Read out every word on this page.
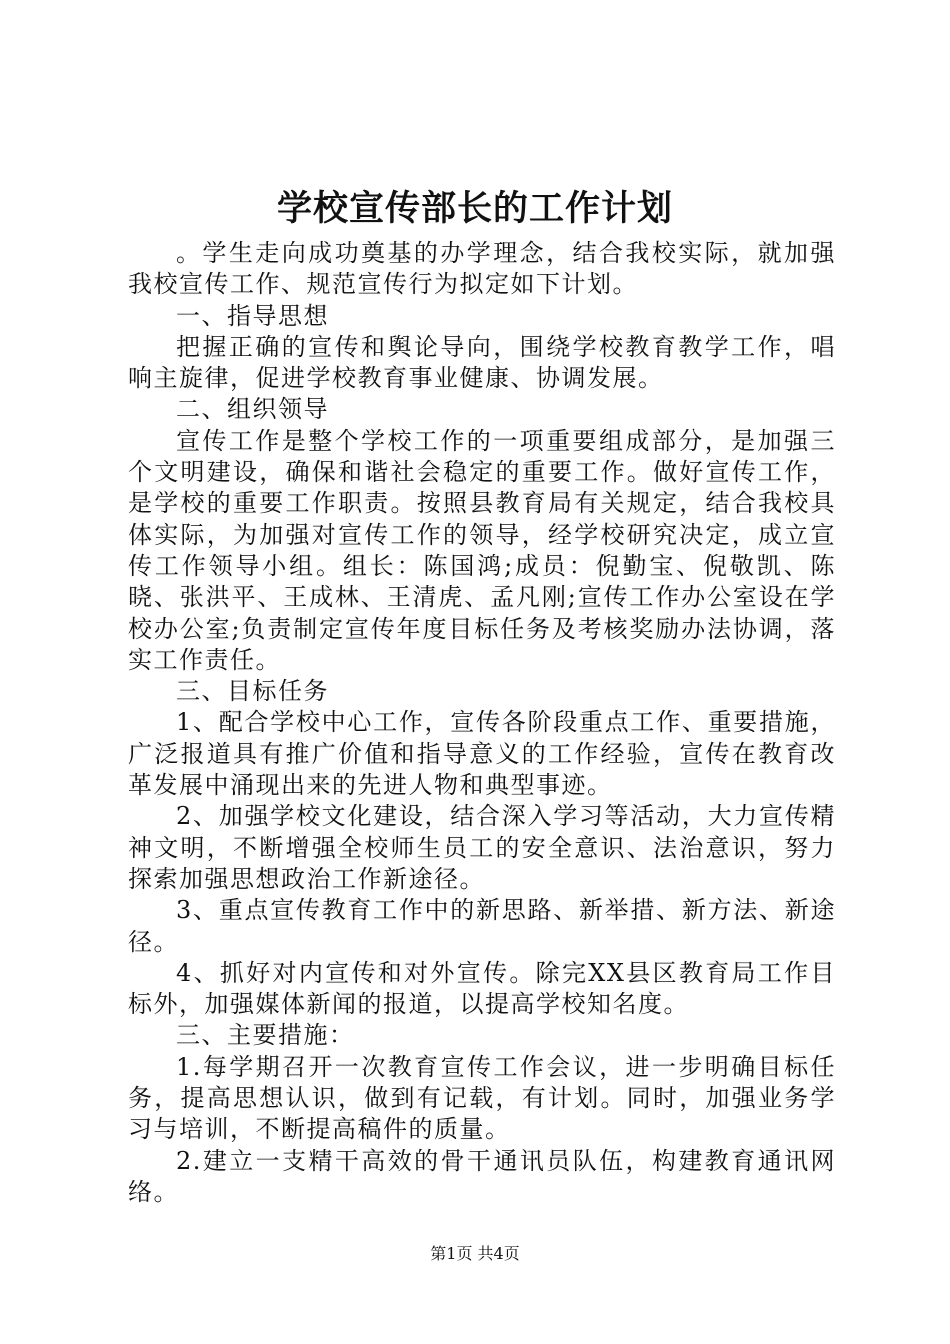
学校宣传部长的工作计划

。学生走向成功奠基的办学理念，结合我校实际，就加强我校宣传工作、规范宣传行为拟定如下计划。

一、指导思想

把握正确的宣传和舆论导向，围绕学校教育教学工作，唱响主旋律，促进学校教育事业健康、协调发展。

二、组织领导

宣传工作是整个学校工作的一项重要组成部分，是加强三个文明建设，确保和谐社会稳定的重要工作。做好宣传工作，是学校的重要工作职责。按照县教育局有关规定，结合我校具体实际，为加强对宣传工作的领导，经学校研究决定，成立宣传工作领导小组。组长：陈国鸿;成员：倪勤宝、倪敬凯、陈晓、张洪平、王成林、王清虎、孟凡刚;宣传工作办公室设在学校办公室;负责制定宣传年度目标任务及考核奖励办法协调，落实工作责任。

三、目标任务

1、配合学校中心工作，宣传各阶段重点工作、重要措施，广泛报道具有推广价值和指导意义的工作经验，宣传在教育改革发展中涌现出来的先进人物和典型事迹。

2、加强学校文化建设，结合深入学习等活动，大力宣传精神文明，不断增强全校师生员工的安全意识、法治意识，努力探索加强思想政治工作新途径。

3、重点宣传教育工作中的新思路、新举措、新方法、新途径。

4、抓好对内宣传和对外宣传。除完XX县区教育局工作目标外，加强媒体新闻的报道，以提高学校知名度。

三、主要措施：

1.每学期召开一次教育宣传工作会议，进一步明确目标任务，提高思想认识，做到有记载，有计划。同时，加强业务学习与培训，不断提高稿件的质量。

2.建立一支精干高效的骨干通讯员队伍，构建教育通讯网络。

第1页 共4页
